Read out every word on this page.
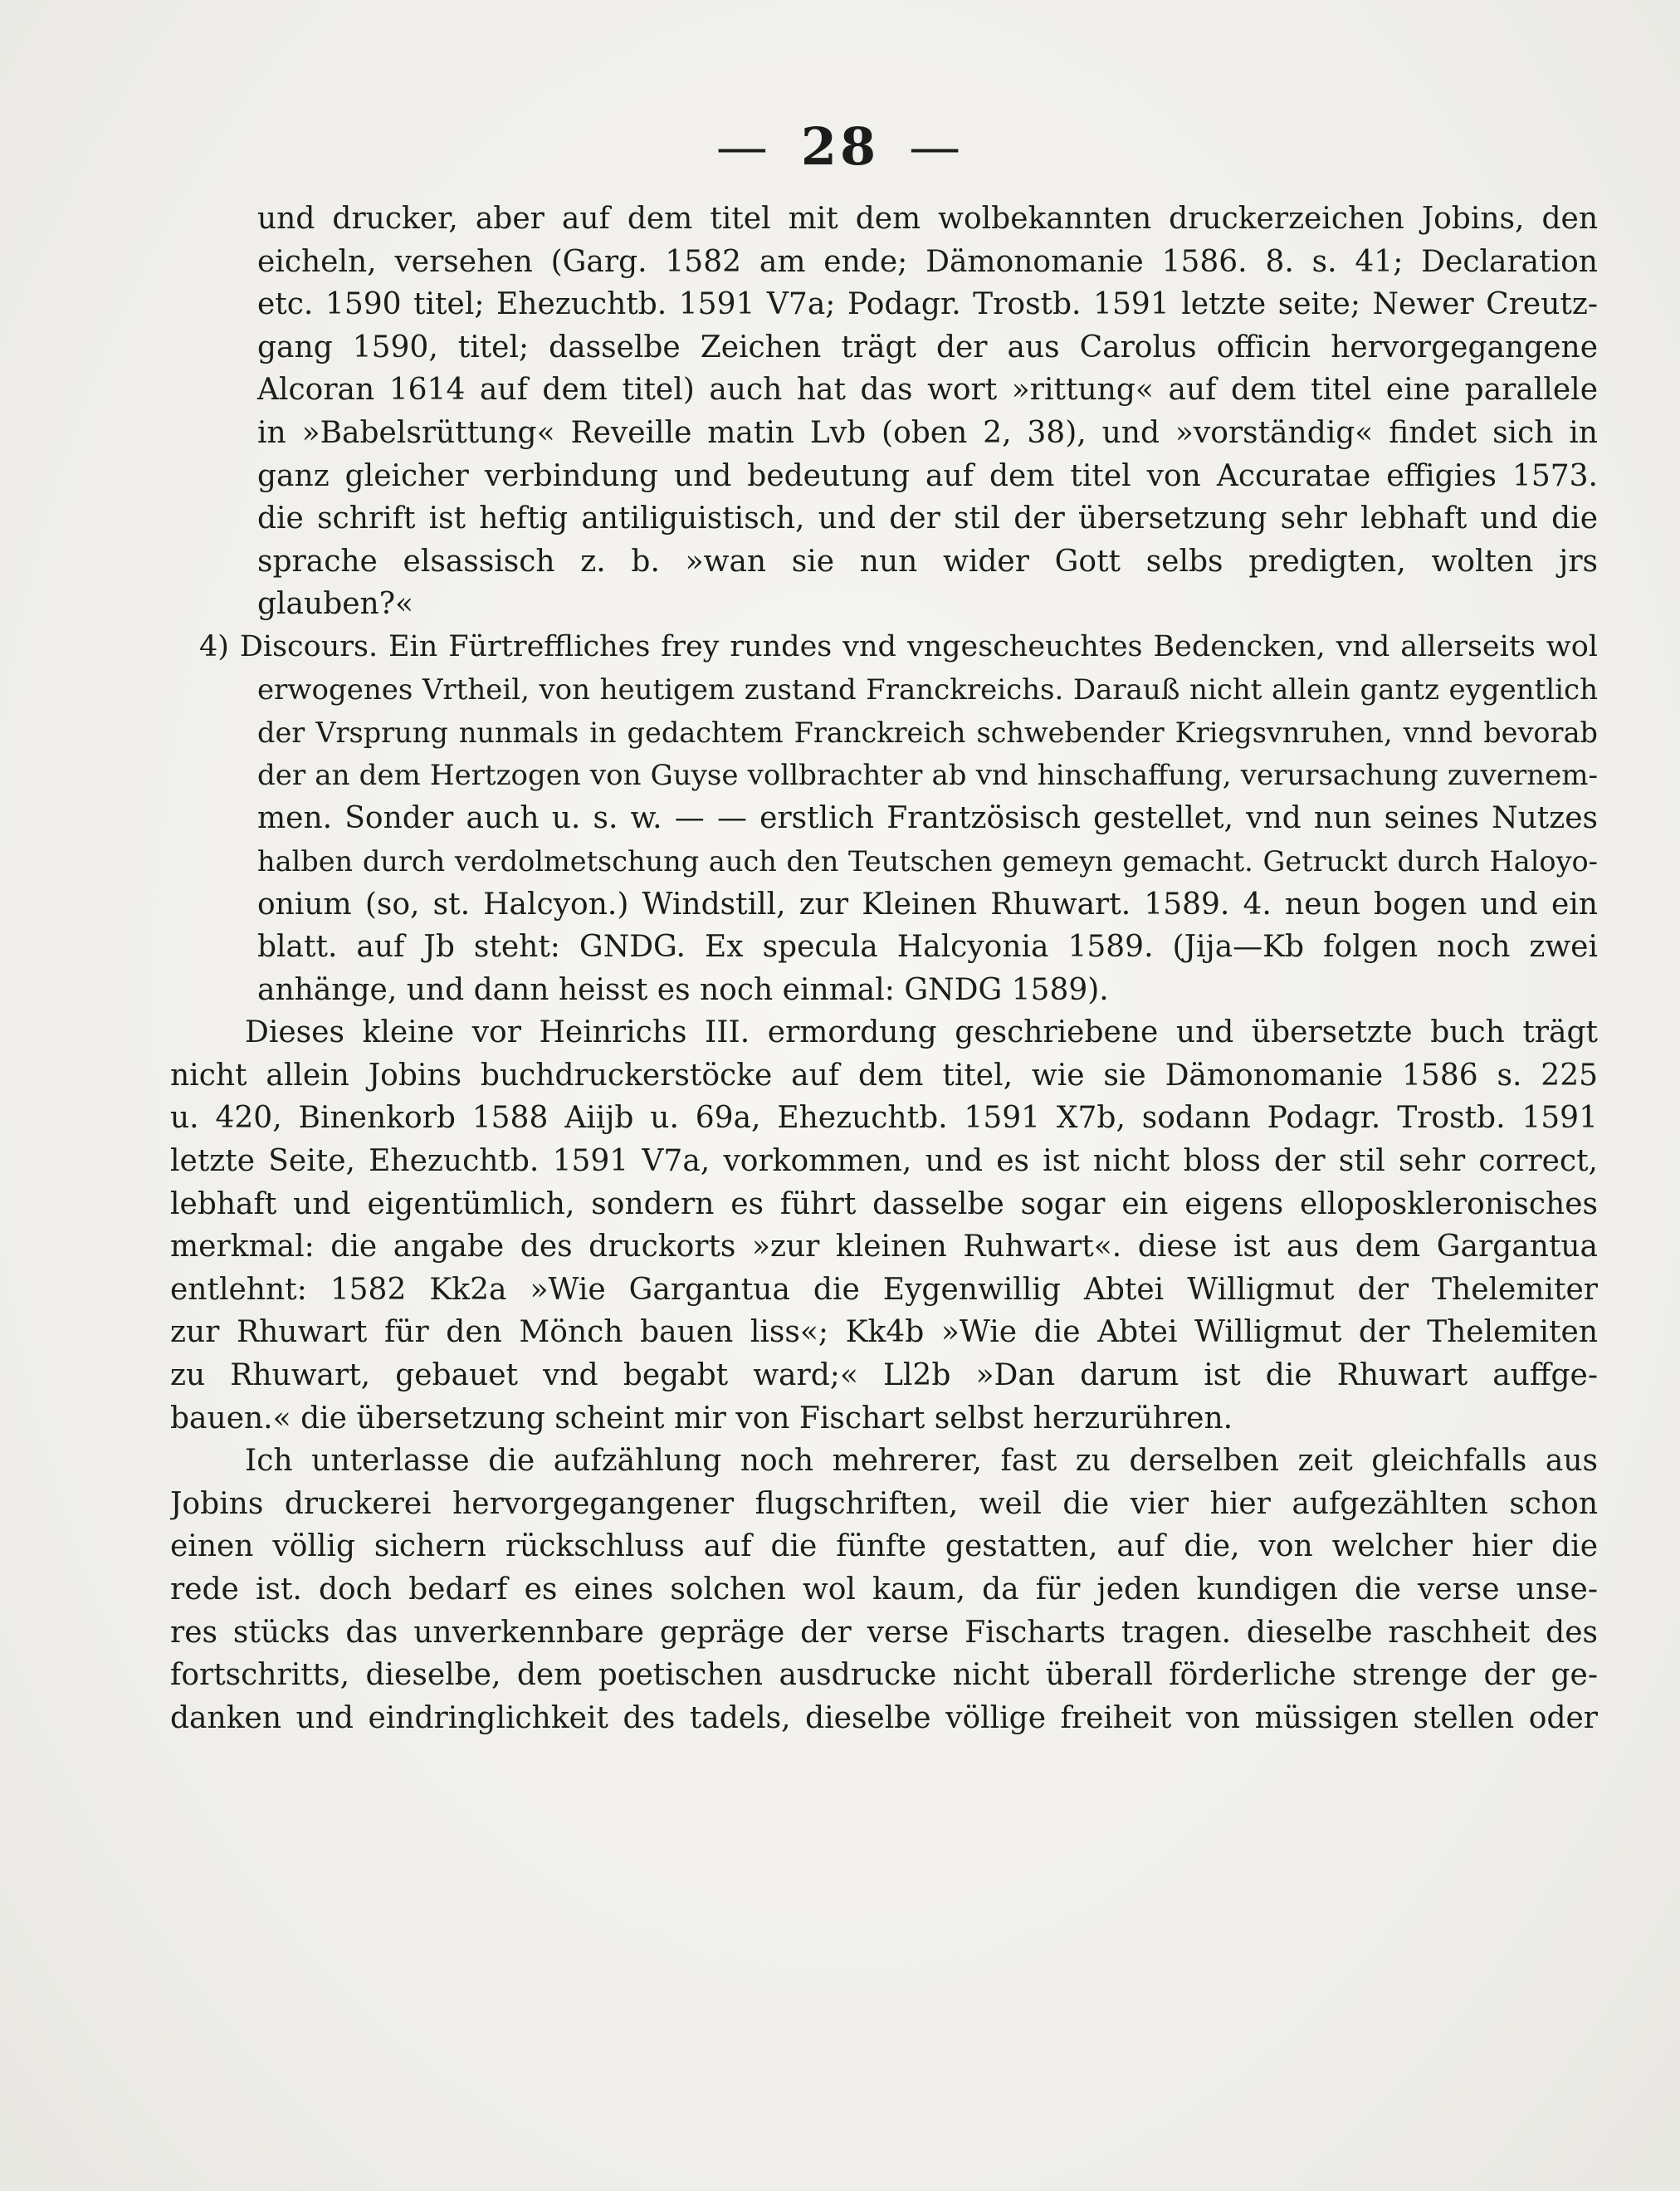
— 28 —
und drucker, aber auf dem titel mit dem wolbekannten druckerzeichen Jobins, den
eicheln, versehen (Garg. 1582 am ende; Dämonomanie 1586. 8. s. 41; Declaration
etc. 1590 titel; Ehezuchtb. 1591 V7a; Podagr. Trostb. 1591 letzte seite; Newer Creutz-
gang 1590, titel; dasselbe Zeichen trägt der aus Carolus officin hervorgegangene
Alcoran 1614 auf dem titel) auch hat das wort »rittung« auf dem titel eine parallele
in »Babelsrüttung« Reveille matin Lvb (oben 2, 38), und »vorständig« findet sich in
ganz gleicher verbindung und bedeutung auf dem titel von Accuratae effigies 1573.
die schrift ist heftig antiliguistisch, und der stil der übersetzung sehr lebhaft und die
sprache elsassisch z. b. »wan sie nun wider Gott selbs predigten, wolten jrs
glauben?«
4) Discours. Ein Fürtreffliches frey rundes vnd vngescheuchtes Bedencken, vnd allerseits wol
erwogenes Vrtheil, von heutigem zustand Franckreichs. Darauß nicht allein gantz eygentlich
der Vrsprung nunmals in gedachtem Franckreich schwebender Kriegsvnruhen, vnnd bevorab
der an dem Hertzogen von Guyse vollbrachter ab vnd hinschaffung, verursachung zuvernem-
men. Sonder auch u. s. w. — — erstlich Frantzösisch gestellet, vnd nun seines Nutzes
halben durch verdolmetschung auch den Teutschen gemeyn gemacht. Getruckt durch Haloyo-
onium (so, st. Halcyon.) Windstill, zur Kleinen Rhuwart. 1589. 4. neun bogen und ein
blatt. auf Jb steht: GNDG. Ex specula Halcyonia 1589. (Jija—Kb folgen noch zwei
anhänge, und dann heisst es noch einmal: GNDG 1589).
Dieses kleine vor Heinrichs III. ermordung geschriebene und übersetzte buch trägt
nicht allein Jobins buchdruckerstöcke auf dem titel, wie sie Dämonomanie 1586 s. 225
u. 420, Binenkorb 1588 Aiijb u. 69a, Ehezuchtb. 1591 X7b, sodann Podagr. Trostb. 1591
letzte Seite, Ehezuchtb. 1591 V7a, vorkommen, und es ist nicht bloss der stil sehr correct,
lebhaft und eigentümlich, sondern es führt dasselbe sogar ein eigens elloposkleronisches
merkmal: die angabe des druckorts »zur kleinen Ruhwart«. diese ist aus dem Gargantua
entlehnt: 1582 Kk2a »Wie Gargantua die Eygenwillig Abtei Willigmut der Thelemiter
zur Rhuwart für den Mönch bauen liss«; Kk4b »Wie die Abtei Willigmut der Thelemiten
zu Rhuwart, gebauet vnd begabt ward;« Ll2b »Dan darum ist die Rhuwart auffge-
bauen.« die übersetzung scheint mir von Fischart selbst herzurühren.
Ich unterlasse die aufzählung noch mehrerer, fast zu derselben zeit gleichfalls aus
Jobins druckerei hervorgegangener flugschriften, weil die vier hier aufgezählten schon
einen völlig sichern rückschluss auf die fünfte gestatten, auf die, von welcher hier die
rede ist. doch bedarf es eines solchen wol kaum, da für jeden kundigen die verse unse-
res stücks das unverkennbare gepräge der verse Fischarts tragen. dieselbe raschheit des
fortschritts, dieselbe, dem poetischen ausdrucke nicht überall förderliche strenge der ge-
danken und eindringlichkeit des tadels, dieselbe völlige freiheit von müssigen stellen oder
